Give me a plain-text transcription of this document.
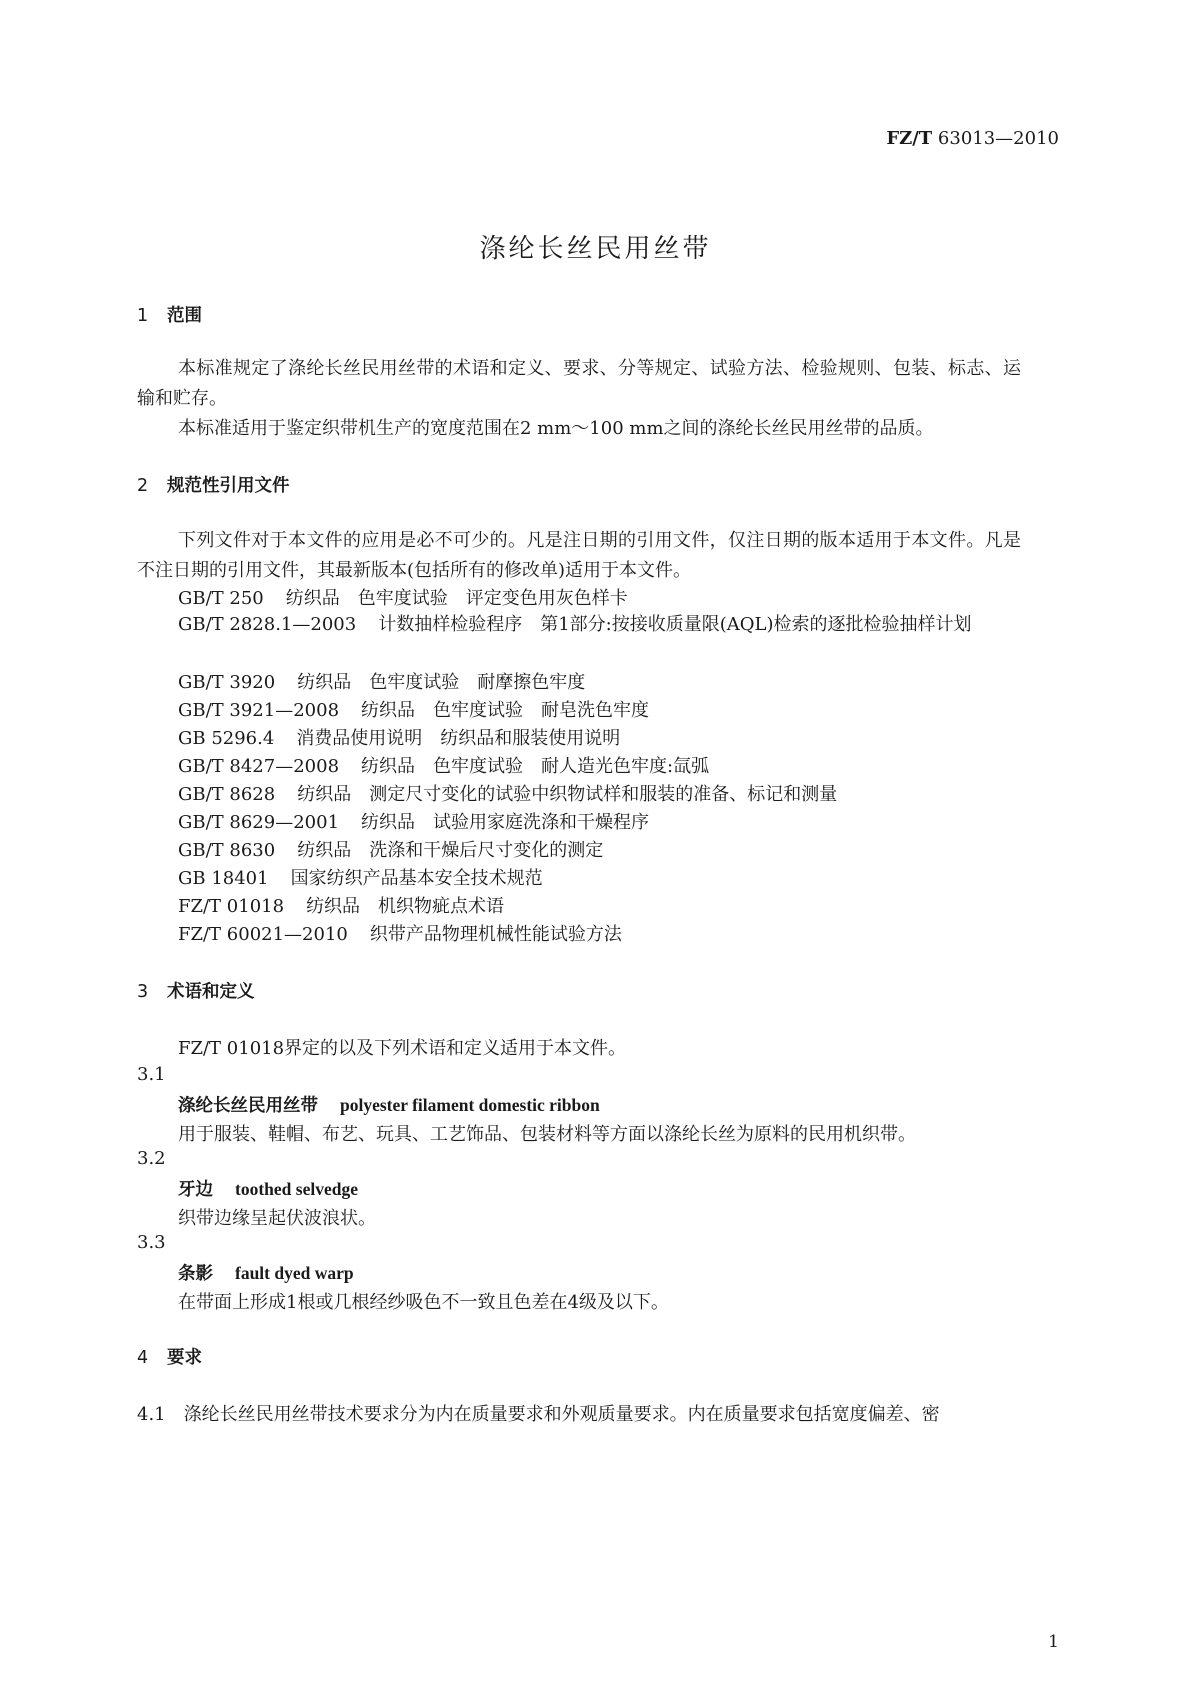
FZ/T 63013—2010
涤纶长丝民用丝带
1 范围
本标准规定了涤纶长丝民用丝带的术语和定义、要求、分等规定、试验方法、检验规则、包装、标志、运输和贮存。
本标准适用于鉴定织带机生产的宽度范围在2 mm～100 mm之间的涤纶长丝民用丝带的品质。
2 规范性引用文件
下列文件对于本文件的应用是必不可少的。凡是注日期的引用文件，仅注日期的版本适用于本文件。凡是不注日期的引用文件，其最新版本(包括所有的修改单)适用于本文件。
GB/T 250 纺织品　色牢度试验　评定变色用灰色样卡
GB/T 2828.1—2003 计数抽样检验程序　第1部分:按接收质量限(AQL)检索的逐批检验抽样计划
GB/T 3920 纺织品　色牢度试验　耐摩擦色牢度
GB/T 3921—2008 纺织品　色牢度试验　耐皂洗色牢度
GB 5296.4 消费品使用说明　纺织品和服装使用说明
GB/T 8427—2008 纺织品　色牢度试验　耐人造光色牢度:氙弧
GB/T 8628 纺织品　测定尺寸变化的试验中织物试样和服装的准备、标记和测量
GB/T 8629—2001 纺织品　试验用家庭洗涤和干燥程序
GB/T 8630 纺织品　洗涤和干燥后尺寸变化的测定
GB 18401 国家纺织产品基本安全技术规范
FZ/T 01018 纺织品　机织物疵点术语
FZ/T 60021—2010 织带产品物理机械性能试验方法
3 术语和定义
FZ/T 01018界定的以及下列术语和定义适用于本文件。
3.1
涤纶长丝民用丝带 polyester filament domestic ribbon
用于服装、鞋帽、布艺、玩具、工艺饰品、包装材料等方面以涤纶长丝为原料的民用机织带。
3.2
牙边 toothed selvedge
织带边缘呈起伏波浪状。
3.3
条影 fault dyed warp
在带面上形成1根或几根经纱吸色不一致且色差在4级及以下。
4 要求
4.1 涤纶长丝民用丝带技术要求分为内在质量要求和外观质量要求。内在质量要求包括宽度偏差、密
1
